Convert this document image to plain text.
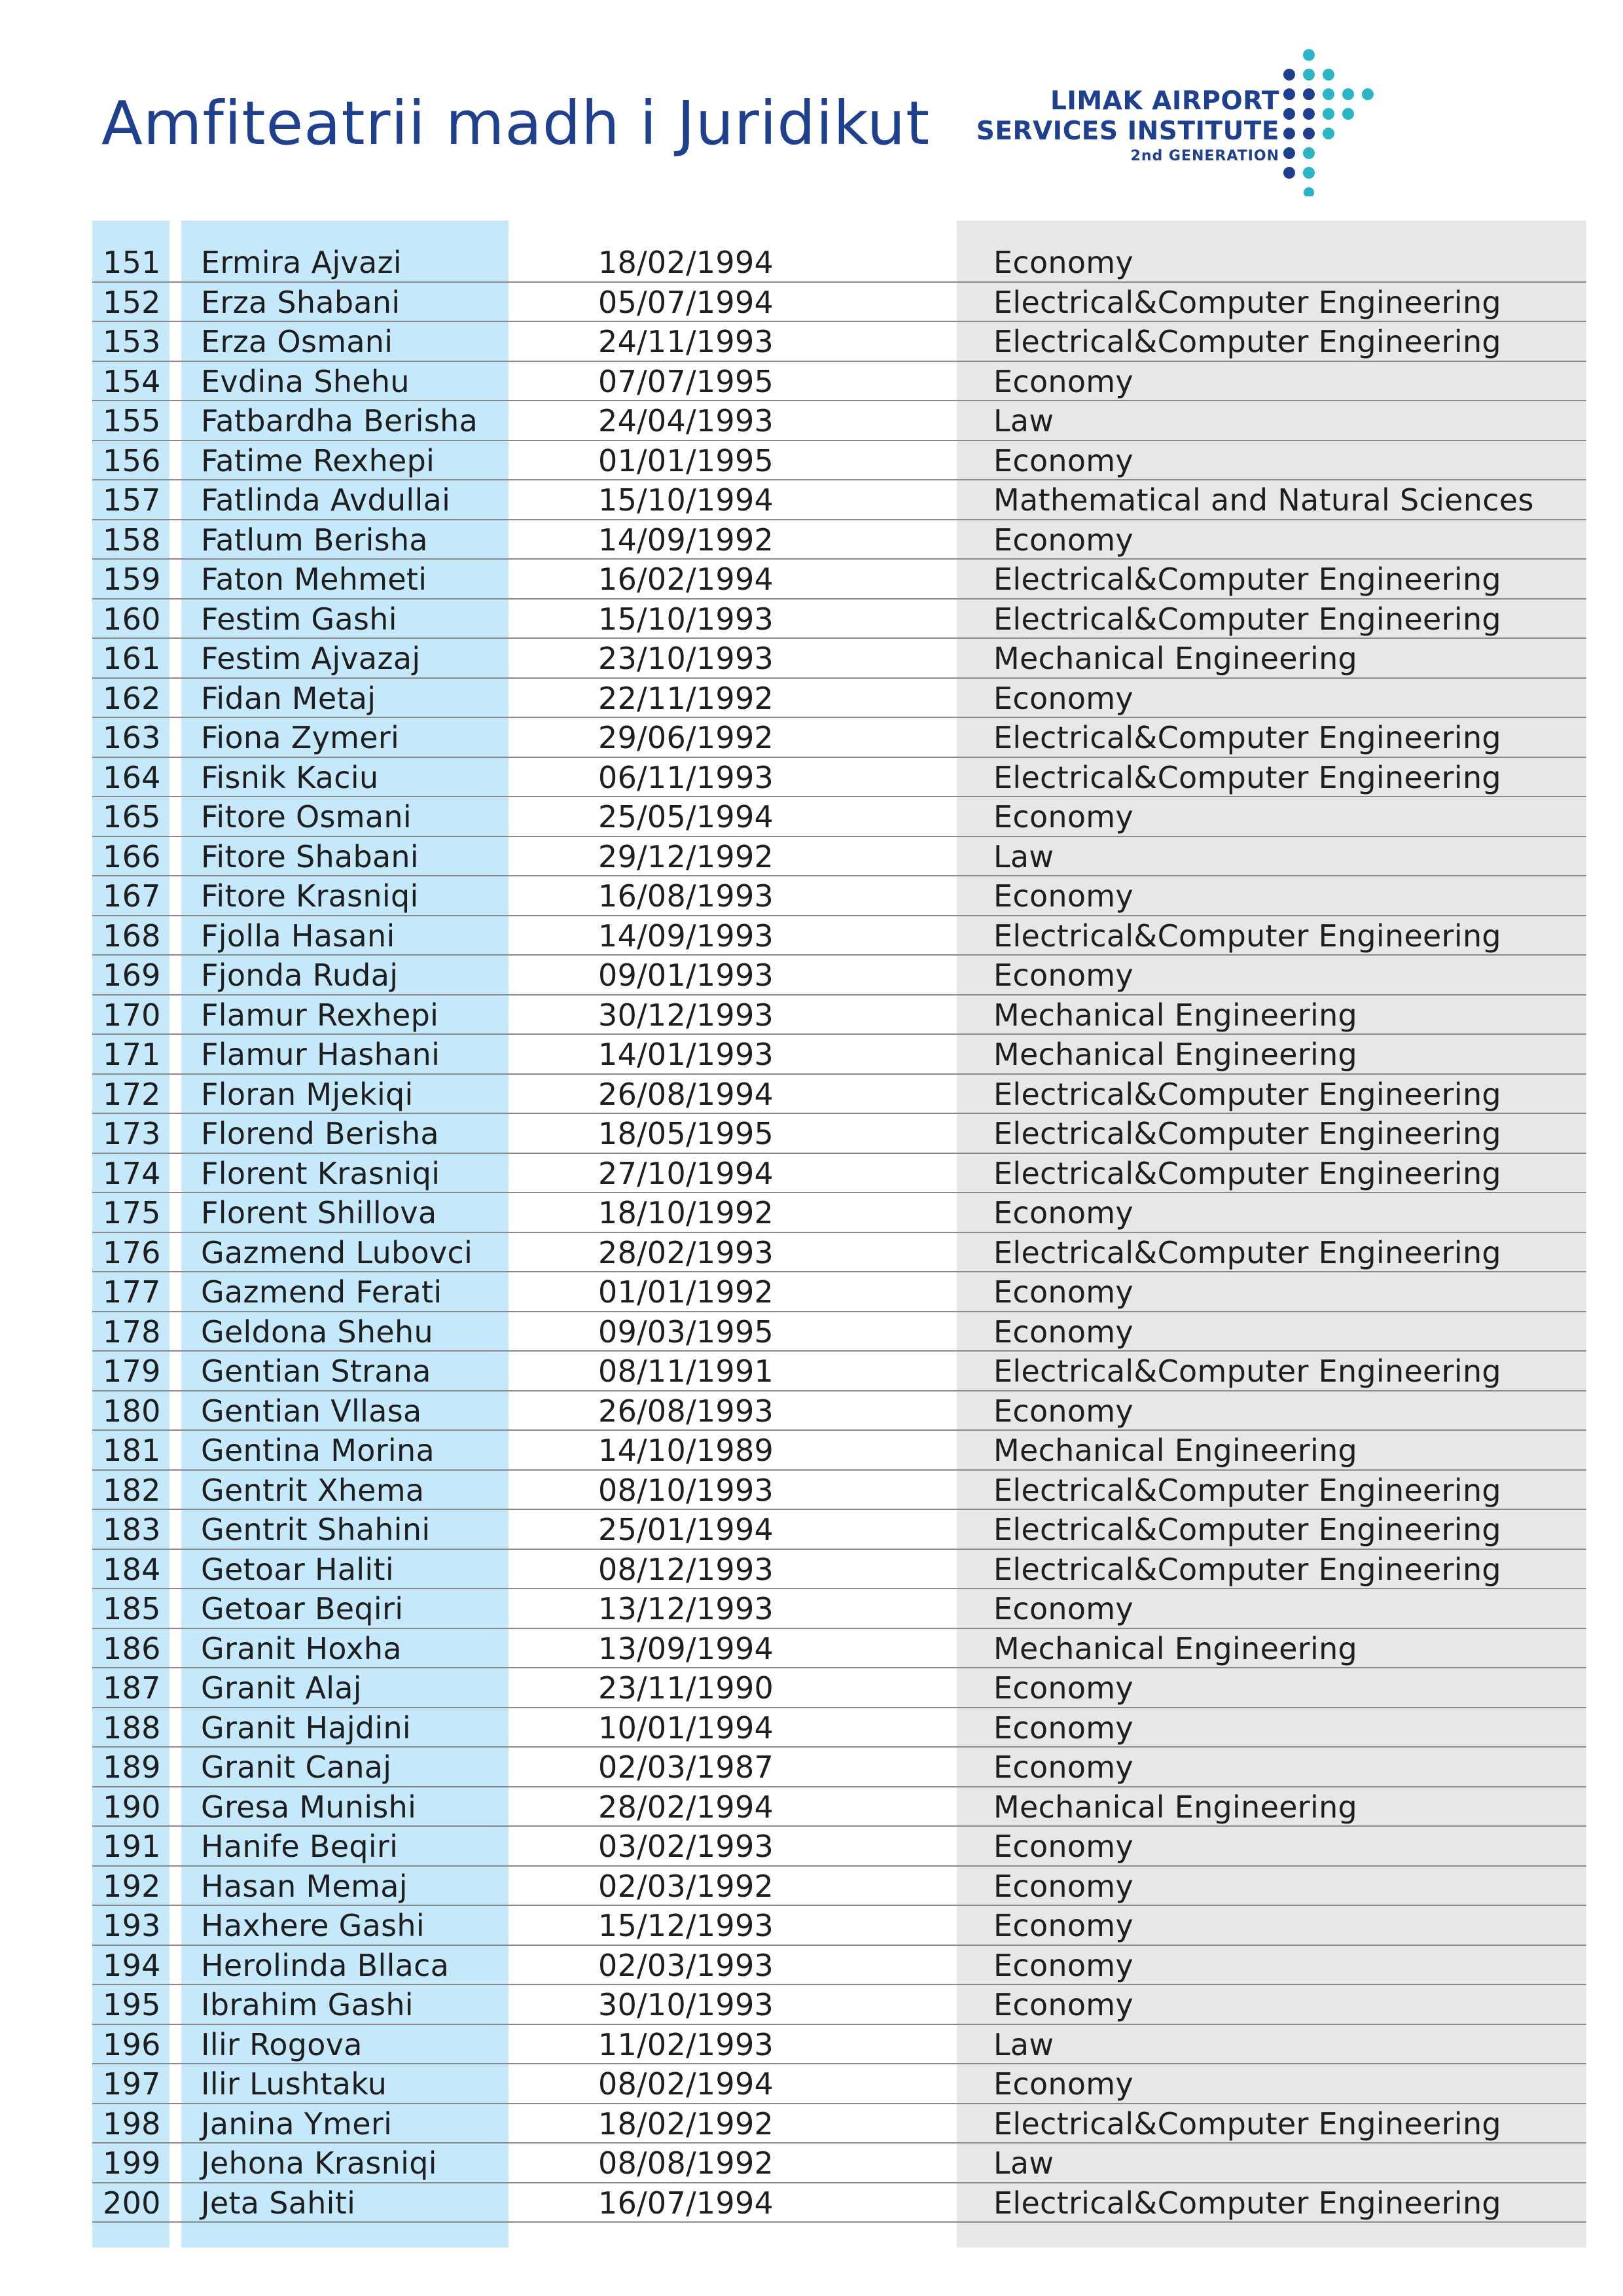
Amfiteatrii madh i Juridikut	LIMAK AIRPORT
SERVICES INSTITUTE
2nd GENERATION
151	Ermira Ajvazi	18/02/1994	Economy
152	Erza Shabani	05/07/1994	Electrical&Computer Engineering
153	Erza Osmani	24/11/1993	Electrical&Computer Engineering
154	Evdina Shehu	07/07/1995	Economy
155	Fatbardha Berisha	24/04/1993	Law
156	Fatime Rexhepi	01/01/1995	Economy
157	Fatlinda Avdullai	15/10/1994	Mathematical and Natural Sciences
158	Fatlum Berisha	14/09/1992	Economy
159	Faton Mehmeti	16/02/1994	Electrical&Computer Engineering
160	Festim Gashi	15/10/1993	Electrical&Computer Engineering
161	Festim Ajvazaj	23/10/1993	Mechanical Engineering
162	Fidan Metaj	22/11/1992	Economy
163	Fiona Zymeri	29/06/1992	Electrical&Computer Engineering
164	Fisnik Kaciu	06/11/1993	Electrical&Computer Engineering
165	Fitore Osmani	25/05/1994	Economy
166	Fitore Shabani	29/12/1992	Law
167	Fitore Krasniqi	16/08/1993	Economy
168	Fjolla Hasani	14/09/1993	Electrical&Computer Engineering
169	Fjonda Rudaj	09/01/1993	Economy
170	Flamur Rexhepi	30/12/1993	Mechanical Engineering
171	Flamur Hashani	14/01/1993	Mechanical Engineering
172	Floran Mjekiqi	26/08/1994	Electrical&Computer Engineering
173	Florend Berisha	18/05/1995	Electrical&Computer Engineering
174	Florent Krasniqi	27/10/1994	Electrical&Computer Engineering
175	Florent Shillova	18/10/1992	Economy
176	Gazmend Lubovci	28/02/1993	Electrical&Computer Engineering
177	Gazmend Ferati	01/01/1992	Economy
178	Geldona Shehu	09/03/1995	Economy
179	Gentian Strana	08/11/1991	Electrical&Computer Engineering
180	Gentian Vllasa	26/08/1993	Economy
181	Gentina Morina	14/10/1989	Mechanical Engineering
182	Gentrit Xhema	08/10/1993	Electrical&Computer Engineering
183	Gentrit Shahini	25/01/1994	Electrical&Computer Engineering
184	Getoar Haliti	08/12/1993	Electrical&Computer Engineering
185	Getoar Beqiri	13/12/1993	Economy
186	Granit Hoxha	13/09/1994	Mechanical Engineering
187	Granit Alaj	23/11/1990	Economy
188	Granit Hajdini	10/01/1994	Economy
189	Granit Canaj	02/03/1987	Economy
190	Gresa Munishi	28/02/1994	Mechanical Engineering
191	Hanife Beqiri	03/02/1993	Economy
192	Hasan Memaj	02/03/1992	Economy
193	Haxhere Gashi	15/12/1993	Economy
194	Herolinda Bllaca	02/03/1993	Economy
195	Ibrahim Gashi	30/10/1993	Economy
196	Ilir Rogova	11/02/1993	Law
197	Ilir Lushtaku	08/02/1994	Economy
198	Janina Ymeri	18/02/1992	Electrical&Computer Engineering
199	Jehona Krasniqi	08/08/1992	Law
200	Jeta Sahiti	16/07/1994	Electrical&Computer Engineering
